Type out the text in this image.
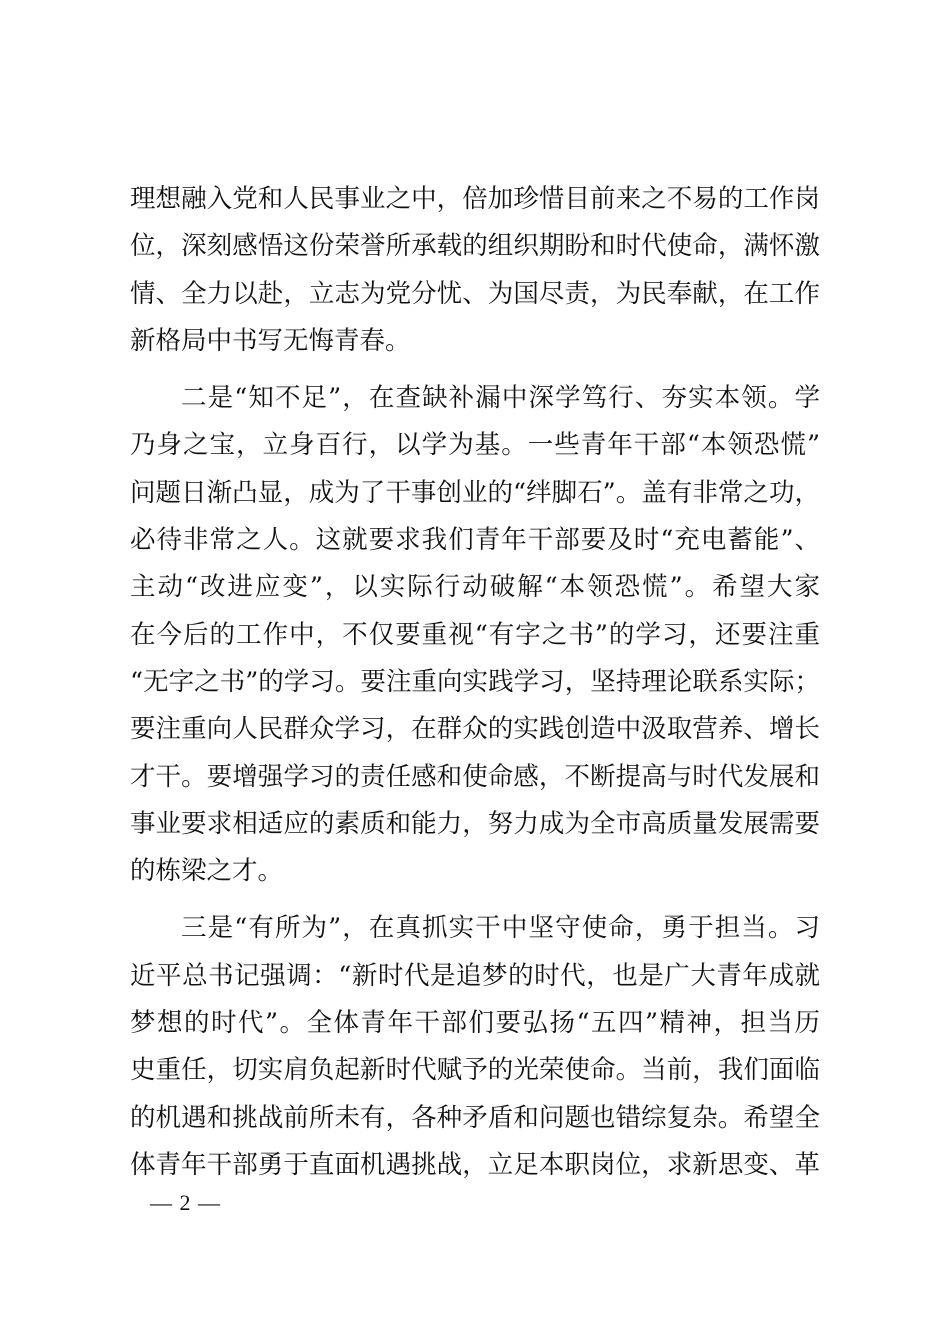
理想融入党和人民事业之中，倍加珍惜目前来之不易的工作岗
位，深刻感悟这份荣誉所承载的组织期盼和时代使命，满怀激
情、全力以赴，立志为党分忧、为国尽责，为民奉献，在工作
新格局中书写无悔青春。
二是“知不足”，在查缺补漏中深学笃行、夯实本领。学
乃身之宝，立身百行，以学为基。一些青年干部“本领恐慌”
问题日渐凸显，成为了干事创业的“绊脚石”。盖有非常之功，
必待非常之人。这就要求我们青年干部要及时“充电蓄能”、
主动“改进应变”，以实际行动破解“本领恐慌”。希望大家
在今后的工作中，不仅要重视“有字之书”的学习，还要注重
“无字之书”的学习。要注重向实践学习，坚持理论联系实际；
要注重向人民群众学习，在群众的实践创造中汲取营养、增长
才干。要增强学习的责任感和使命感，不断提高与时代发展和
事业要求相适应的素质和能力，努力成为全市高质量发展需要
的栋梁之才。
三是“有所为”，在真抓实干中坚守使命，勇于担当。习
近平总书记强调：“新时代是追梦的时代，也是广大青年成就
梦想的时代”。全体青年干部们要弘扬“五四”精神，担当历
史重任，切实肩负起新时代赋予的光荣使命。当前，我们面临
的机遇和挑战前所未有，各种矛盾和问题也错综复杂。希望全
体青年干部勇于直面机遇挑战，立足本职岗位，求新思变、革
— 2 —
